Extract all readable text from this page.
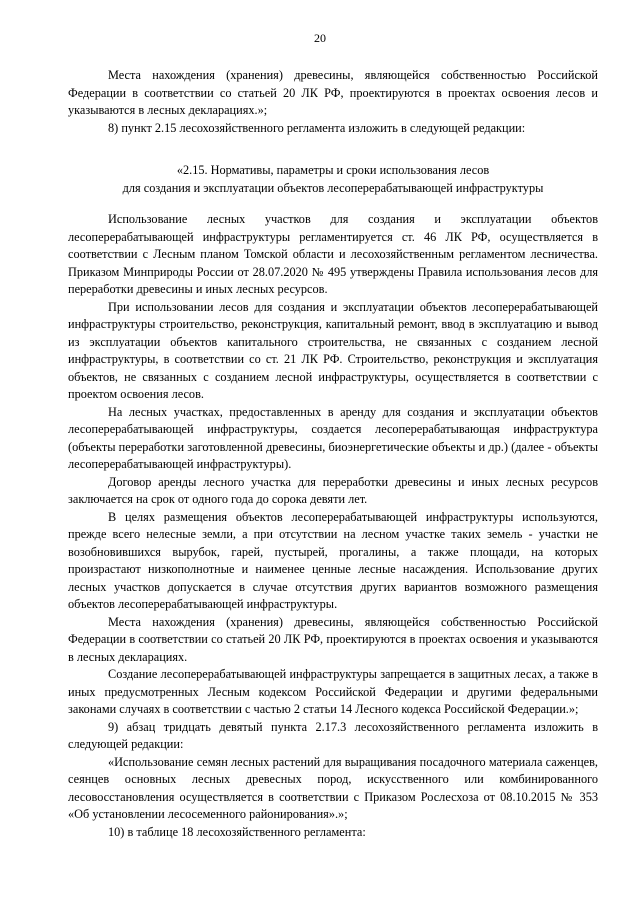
20

Места нахождения (хранения) древесины, являющейся собственностью Российской Федерации в соответствии со статьей 20 ЛК РФ, проектируются в проектах освоения лесов и указываются в лесных декларациях.»;

8) пункт 2.15 лесохозяйственного регламента изложить в следующей редакции:

«2.15. Нормативы, параметры и сроки использования лесов
для создания и эксплуатации объектов лесоперерабатывающей инфраструктуры

Использование лесных участков для создания и эксплуатации объектов лесоперерабатывающей инфраструктуры регламентируется ст. 46 ЛК РФ, осуществляется в соответствии с Лесным планом Томской области и лесохозяйственным регламентом лесничества. Приказом Минприроды России от 28.07.2020 № 495 утверждены Правила использования лесов для переработки древесины и иных лесных ресурсов.

При использовании лесов для создания и эксплуатации объектов лесоперерабатывающей инфраструктуры строительство, реконструкция, капитальный ремонт, ввод в эксплуатацию и вывод из эксплуатации объектов капитального строительства, не связанных с созданием лесной инфраструктуры, в соответствии со ст. 21 ЛК РФ. Строительство, реконструкция и эксплуатация объектов, не связанных с созданием лесной инфраструктуры, осуществляется в соответствии с проектом освоения лесов.

На лесных участках, предоставленных в аренду для создания и эксплуатации объектов лесоперерабатывающей инфраструктуры, создается лесоперерабатывающая инфраструктура (объекты переработки заготовленной древесины, биоэнергетические объекты и др.) (далее - объекты лесоперерабатывающей инфраструктуры).

Договор аренды лесного участка для переработки древесины и иных лесных ресурсов заключается на срок от одного года до сорока девяти лет.

В целях размещения объектов лесоперерабатывающей инфраструктуры используются, прежде всего нелесные земли, а при отсутствии на лесном участке таких земель - участки не возобновившихся вырубок, гарей, пустырей, прогалины, а также площади, на которых произрастают низкополнотные и наименее ценные лесные насаждения. Использование других лесных участков допускается в случае отсутствия других вариантов возможного размещения объектов лесоперерабатывающей инфраструктуры.

Места нахождения (хранения) древесины, являющейся собственностью Российской Федерации в соответствии со статьей 20 ЛК РФ, проектируются в проектах освоения и указываются в лесных декларациях.

Создание лесоперерабатывающей инфраструктуры запрещается в защитных лесах, а также в иных предусмотренных Лесным кодексом Российской Федерации и другими федеральными законами случаях в соответствии с частью 2 статьи 14 Лесного кодекса Российской Федерации.»;

9) абзац тридцать девятый пункта 2.17.3 лесохозяйственного регламента изложить в следующей редакции:

«Использование семян лесных растений для выращивания посадочного материала саженцев, сеянцев основных лесных древесных пород, искусственного или комбинированного лесовосстановления осуществляется в соответствии с Приказом Рослесхоза от 08.10.2015 № 353 «Об установлении лесосеменного районирования».»;

10) в таблице 18 лесохозяйственного регламента:
